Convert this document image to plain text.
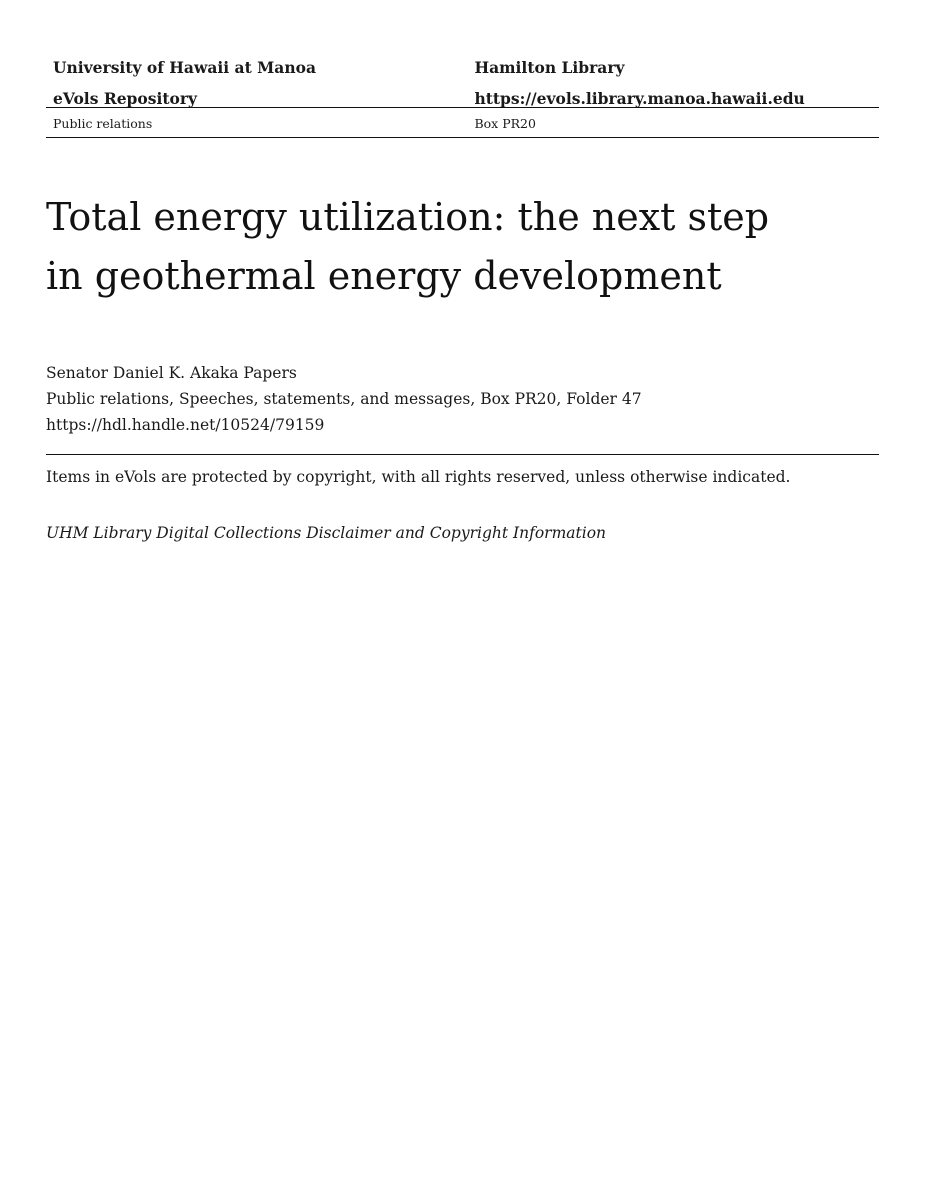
University of Hawaii at Manoa	Hamilton Library
eVols Repository	https://evols.library.manoa.hawaii.edu
Public relations	Box PR20
Total energy utilization: the next step
in geothermal energy development
Senator Daniel K. Akaka Papers
Public relations, Speeches, statements, and messages, Box PR20, Folder 47
https://hdl.handle.net/10524/79159
Items in eVols are protected by copyright, with all rights reserved, unless otherwise indicated.
UHM Library Digital Collections Disclaimer and Copyright Information
